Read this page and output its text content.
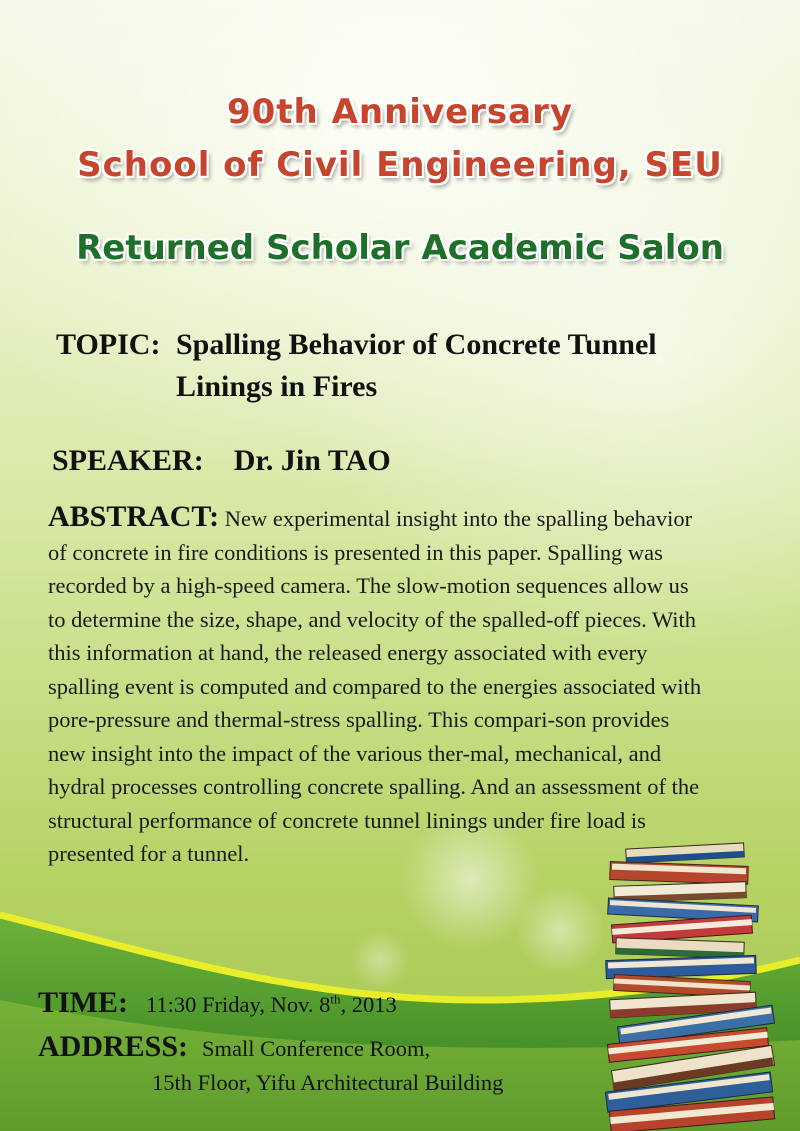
90th Anniversary
School of Civil Engineering, SEU
Returned Scholar Academic Salon
TOPIC: Spalling Behavior of Concrete Tunnel
Linings in Fires
SPEAKER: Dr. Jin TAO
ABSTRACT: New experimental insight into the spalling behavior of concrete in fire conditions is presented in this paper. Spalling was recorded by a high-speed camera. The slow-motion sequences allow us to determine the size, shape, and velocity of the spalled-off pieces. With this information at hand, the released energy associated with every spalling event is computed and compared to the energies associated with pore-pressure and thermal-stress spalling. This compari-son provides new insight into the impact of the various ther-mal, mechanical, and hydral processes controlling concrete spalling. And an assessment of the structural performance of concrete tunnel linings under fire load is presented for a tunnel.
TIME: 11:30 Friday, Nov. 8th, 2013
ADDRESS: Small Conference Room,
15th Floor, Yifu Architectural Building
